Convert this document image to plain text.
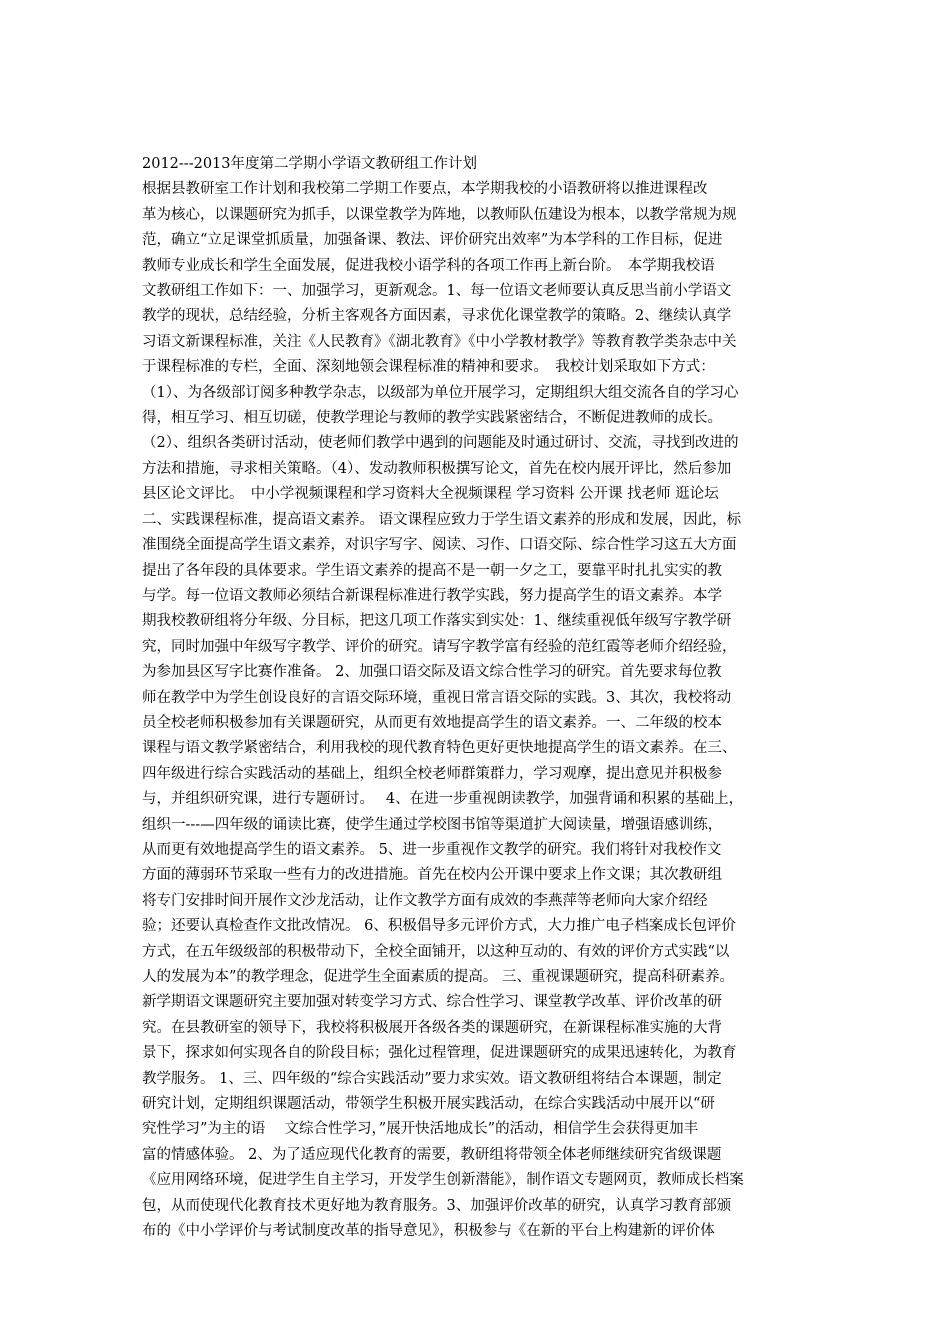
2012---2013年度第二学期小学语文教研组工作计划
根据县教研室工作计划和我校第二学期工作要点，本学期我校的小语教研将以推进课程改
革为核心，以课题研究为抓手，以课堂教学为阵地，以教师队伍建设为根本，以教学常规为规
范，确立“立足课堂抓质量，加强备课、教法、评价研究出效率”为本学科的工作目标，促进
教师专业成长和学生全面发展，促进我校小语学科的各项工作再上新台阶。　本学期我校语
文教研组工作如下：一、加强学习，更新观念。1、每一位语文老师要认真反思当前小学语文
教学的现状，总结经验，分析主客观各方面因素，寻求优化课堂教学的策略。2、继续认真学
习语文新课程标准，关注《人民教育》《湖北教育》《中小学教材教学》等教育教学类杂志中关
于课程标准的专栏，全面、深刻地领会课程标准的精神和要求。　我校计划采取如下方式：
（1）、为各级部订阅多种教学杂志，以级部为单位开展学习，定期组织大组交流各自的学习心
得，相互学习、相互切磋，使教学理论与教师的教学实践紧密结合，不断促进教师的成长。
（2）、组织各类研讨活动，使老师们教学中遇到的问题能及时通过研讨、交流，寻找到改进的
方法和措施，寻求相关策略。（4）、发动教师积极撰写论文，首先在校内展开评比，然后参加
县区论文评比。　中小学视频课程和学习资料大全视频课程 学习资料 公开课 找老师 逛论坛
二、实践课程标准，提高语文素养。 语文课程应致力于学生语文素养的形成和发展，因此，标
准围绕全面提高学生语文素养，对识字写字、阅读、习作、口语交际、综合性学习这五大方面
提出了各年段的具体要求。学生语文素养的提高不是一朝一夕之工，要靠平时扎扎实实的教
与学。每一位语文教师必须结合新课程标准进行教学实践，努力提高学生的语文素养。本学
期我校教研组将分年级、分目标，把这几项工作落实到实处：1、继续重视低年级写字教学研
究，同时加强中年级写字教学、评价的研究。请写字教学富有经验的范红霞等老师介绍经验，
为参加县区写字比赛作准备。 2、加强口语交际及语文综合性学习的研究。首先要求每位教
师在教学中为学生创设良好的言语交际环境，重视日常言语交际的实践。3、其次，我校将动
员全校老师积极参加有关课题研究，从而更有效地提高学生的语文素养。一、二年级的校本
课程与语文教学紧密结合，利用我校的现代教育特色更好更快地提高学生的语文素养。在三、
四年级进行综合实践活动的基础上，组织全校老师群策群力，学习观摩，提出意见并积极参
与，并组织研究课，进行专题研讨。　 4、在进一步重视朗读教学，加强背诵和积累的基础上，
组织一---—四年级的诵读比赛，使学生通过学校图书馆等渠道扩大阅读量，增强语感训练，
从而更有效地提高学生的语文素养。 5、进一步重视作文教学的研究。我们将针对我校作文
方面的薄弱环节采取一些有力的改进措施。首先在校内公开课中要求上作文课；其次教研组
将专门安排时间开展作文沙龙活动，让作文教学方面有成效的李燕萍等老师向大家介绍经
验；还要认真检查作文批改情况。 6、积极倡导多元评价方式，大力推广电子档案成长包评价
方式，在五年级级部的积极带动下，全校全面铺开，以这种互动的、有效的评价方式实践“以
人的发展为本”的教学理念，促进学生全面素质的提高。 三、重视课题研究，提高科研素养。
新学期语文课题研究主要加强对转变学习方式、综合性学习、课堂教学改革、评价改革的研
究。在县教研室的领导下，我校将积极展开各级各类的课题研究，在新课程标准实施的大背
景下，探求如何实现各自的阶段目标；强化过程管理，促进课题研究的成果迅速转化，为教育
教学服务。 1、三、四年级的“综合实践活动”要力求实效。语文教研组将结合本课题，制定
研究计划，定期组织课题活动，带领学生积极开展实践活动，在综合实践活动中展开以“研
究性学习”为主的语　 文综合性学习，”展开快活地成长”的活动，相信学生会获得更加丰
富的情感体验。 2、为了适应现代化教育的需要，教研组将带领全体老师继续研究省级课题
《应用网络环境，促进学生自主学习，开发学生创新潜能》，制作语文专题网页，教师成长档案
包，从而使现代化教育技术更好地为教育服务。3、加强评价改革的研究，认真学习教育部颁
布的《中小学评价与考试制度改革的指导意见》，积极参与《在新的平台上构建新的评价体
